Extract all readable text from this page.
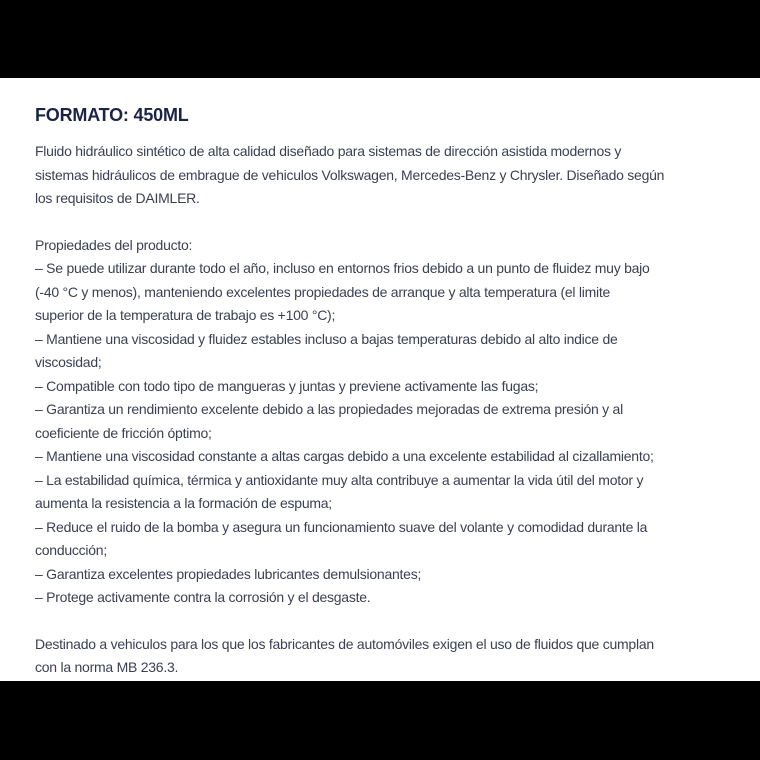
FORMATO: 450ML

Fluido hidráulico sintético de alta calidad diseñado para sistemas de dirección asistida modernos y
sistemas hidráulicos de embrague de vehiculos Volkswagen, Mercedes-Benz y Chrysler. Diseñado según
los requisitos de DAIMLER.

Propiedades del producto:
– Se puede utilizar durante todo el año, incluso en entornos frios debido a un punto de fluidez muy bajo
(-40 °C y menos), manteniendo excelentes propiedades de arranque y alta temperatura (el limite
superior de la temperatura de trabajo es +100 °C);
– Mantiene una viscosidad y fluidez estables incluso a bajas temperaturas debido al alto indice de
viscosidad;
– Compatible con todo tipo de mangueras y juntas y previene activamente las fugas;
– Garantiza un rendimiento excelente debido a las propiedades mejoradas de extrema presión y al
coeficiente de fricción óptimo;
– Mantiene una viscosidad constante a altas cargas debido a una excelente estabilidad al cizallamiento;
– La estabilidad química, térmica y antioxidante muy alta contribuye a aumentar la vida útil del motor y
aumenta la resistencia a la formación de espuma;
– Reduce el ruido de la bomba y asegura un funcionamiento suave del volante y comodidad durante la
conducción;
– Garantiza excelentes propiedades lubricantes demulsionantes;
– Protege activamente contra la corrosión y el desgaste.

Destinado a vehiculos para los que los fabricantes de automóviles exigen el uso de fluidos que cumplan
con la norma MB 236.3.
